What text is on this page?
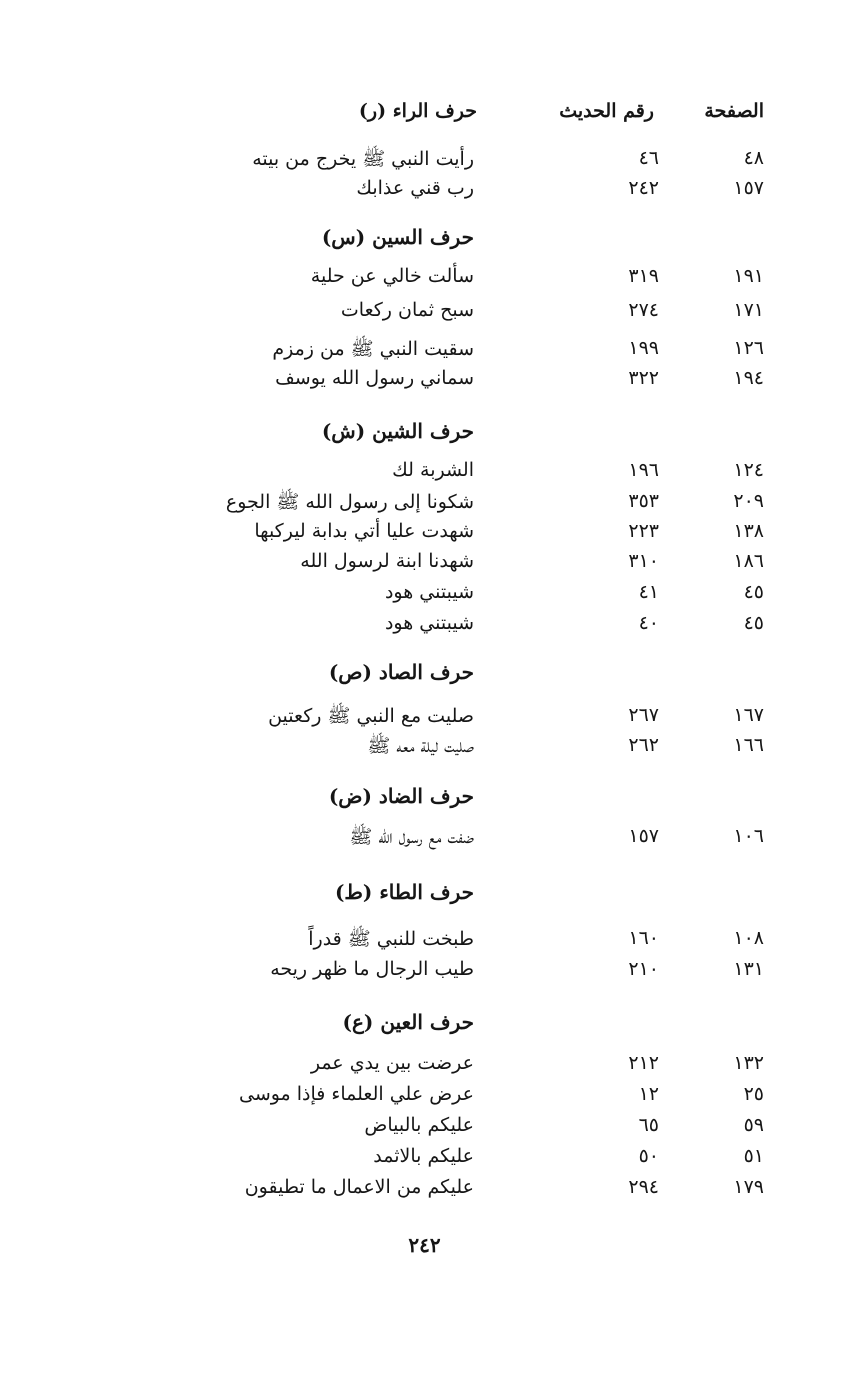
الصفحة
رقم الحديث
حرف الراء (ر)
٤٨
٤٦
رأيت النبي ﷺ يخرج من بيته
١٥٧
٢٤٢
رب قني عذابك
حرف السين (س)
١٩١
٣١٩
سألت خالي عن حلية
١٧١
٢٧٤
سبح ثمان ركعات
١٢٦
١٩٩
سقيت النبي ﷺ من زمزم
١٩٤
٣٢٢
سماني رسول الله يوسف
حرف الشين (ش)
١٢٤
١٩٦
الشربة لك
٢٠٩
٣٥٣
شكونا إلى رسول الله ﷺ الجوع
١٣٨
٢٢٣
شهدت عليا أتي بدابة ليركبها
١٨٦
٣١٠
شهدنا ابنة لرسول الله
٤٥
٤١
شيبتني هود
٤٥
٤٠
شيبتني هود
حرف الصاد (ص)
١٦٧
٢٦٧
صليت مع النبي ﷺ ركعتين
١٦٦
٢٦٢
صليت ليلة معه ﷺ
حرف الضاد (ض)
١٠٦
١٥٧
ضفت مع رسول الله ﷺ
حرف الطاء (ط)
١٠٨
١٦٠
طبخت للنبي ﷺ قدراً
١٣١
٢١٠
طيب الرجال ما ظهر ريحه
حرف العين (ع)
١٣٢
٢١٢
عرضت بين يدي عمر
٢٥
١٢
عرض علي العلماء فإذا موسى
٥٩
٦٥
عليكم بالبياض
٥١
٥٠
عليكم بالاثمد
١٧٩
٢٩٤
عليكم من الاعمال ما تطيقون
٢٤٢
